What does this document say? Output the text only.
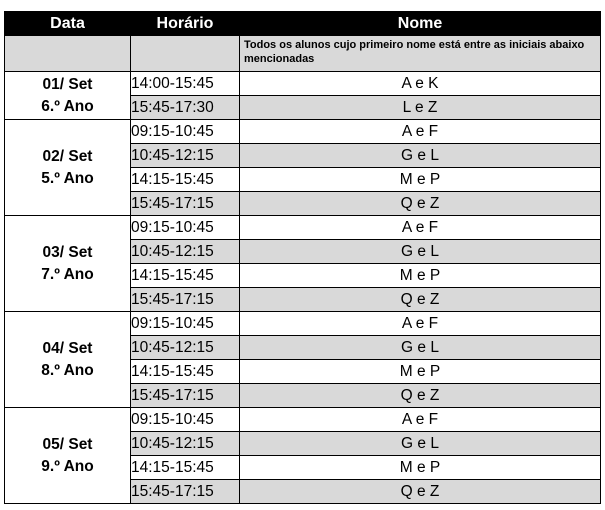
Data	Horário	Nome
		Todos os alunos cujo primeiro nome está entre as iniciais abaixo mencionadas

01/ Set
6.º Ano	14:00-15:45	A e K
	15:45-17:30	L e Z

02/ Set
5.º Ano	09:15-10:45	A e F
	10:45-12:15	G e L
	14:15-15:45	M e P
	15:45-17:15	Q e Z

03/ Set
7.º Ano	09:15-10:45	A e F
	10:45-12:15	G e L
	14:15-15:45	M e P
	15:45-17:15	Q e Z

04/ Set
8.º Ano	09:15-10:45	A e F
	10:45-12:15	G e L
	14:15-15:45	M e P
	15:45-17:15	Q e Z

05/ Set
9.º Ano	09:15-10:45	A e F
	10:45-12:15	G e L
	14:15-15:45	M e P
	15:45-17:15	Q e Z
